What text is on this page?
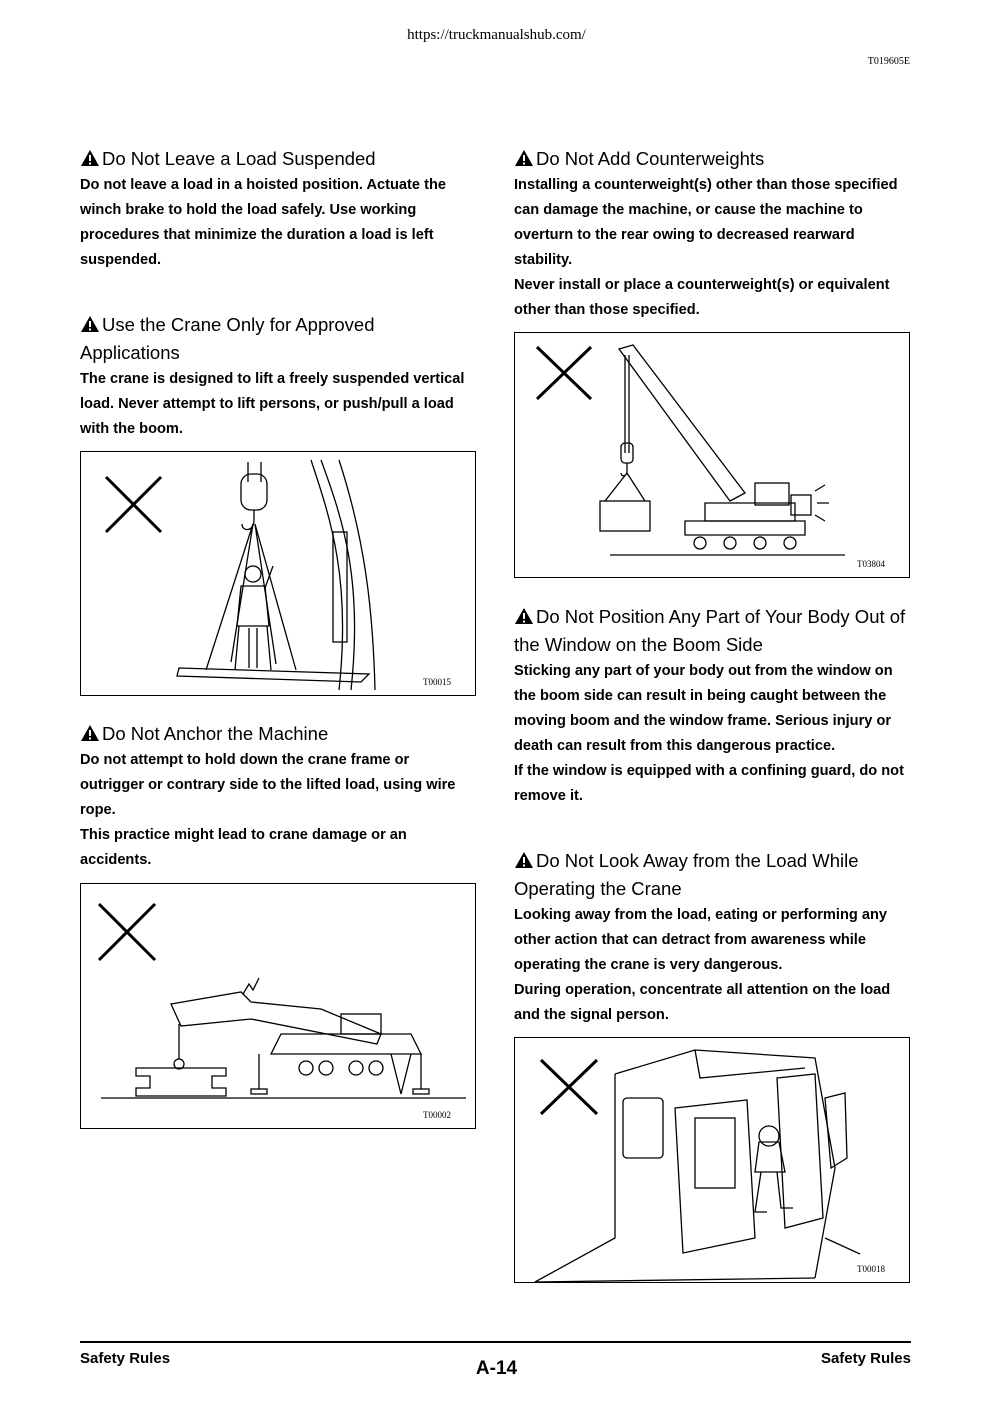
https://truckmanualshub.com/
T019605E
Do Not Leave a Load Suspended

Do not leave a load in a hoisted position. Actuate the winch brake to hold the load safely. Use working procedures that minimize the duration a load is left suspended.

Use the Crane Only for Approved Applications

The crane is designed to lift a freely suspended vertical load. Never attempt to lift persons, or push/pull a load with the boom.

T00015
Do Not Anchor the Machine

Do not attempt to hold down the crane frame or outrigger or contrary side to the lifted load, using wire rope.

This practice might lead to crane damage or an accidents.

T00002
Do Not Add Counterweights

Installing a counterweight(s) other than those specified can damage the machine, or cause the machine to overturn to the rear owing to decreased rearward stability.

Never install or place a counterweight(s) or equivalent other than those specified.

T03804
Do Not Position Any Part of Your Body Out of the Window on the Boom Side

Sticking any part of your body out from the window on the boom side can result in being caught between the moving boom and the window frame. Serious injury or death can result from this dangerous practice.

If the window is equipped with a confining guard, do not remove it.

Do Not Look Away from the Load While Operating the Crane

Looking away from the load, eating or performing any other action that can detract from awareness while operating the crane is very dangerous.

During operation, concentrate all attention on the load and the signal person.

T00018
Safety Rules	A-14	Safety Rules
